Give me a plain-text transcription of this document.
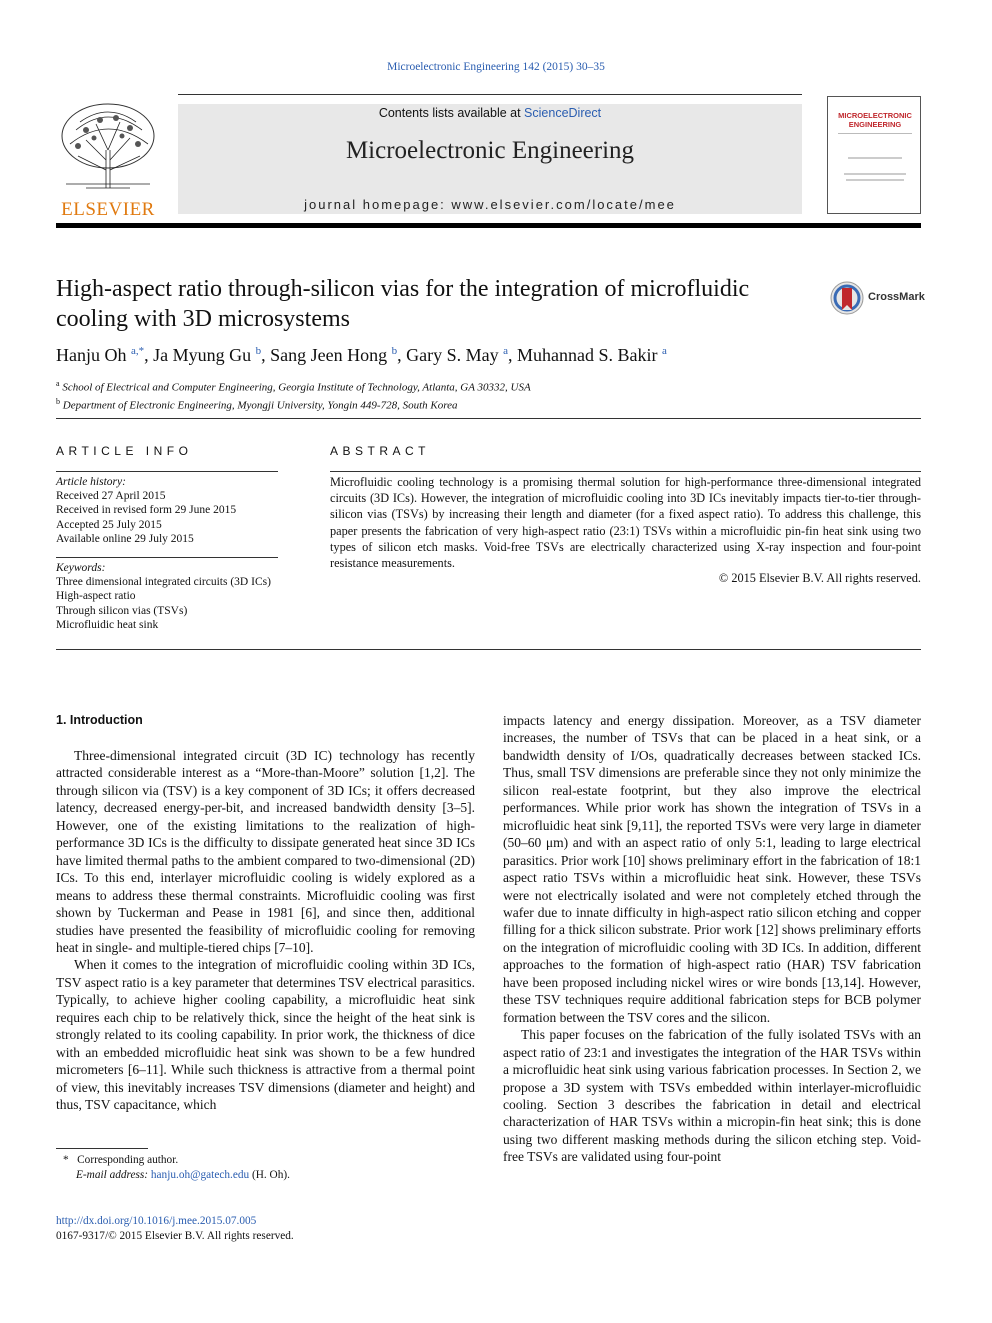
Microelectronic Engineering 142 (2015) 30–35
ELSEVIER
Contents lists available at ScienceDirect
Microelectronic Engineering
journal homepage: www.elsevier.com/locate/mee
MICROELECTRONIC
ENGINEERING
High-aspect ratio through-silicon vias for the integration of microfluidic
cooling with 3D microsystems
CrossMark
Hanju Oh $^{a,*}$, Ja Myung Gu $^b$, Sang Jeen Hong $^b$, Gary S. May $^a$, Muhannad S. Bakir $^a$
$^a$ School of Electrical and Computer Engineering, Georgia Institute of Technology, Atlanta, GA 30332, USA
$^b$ Department of Electronic Engineering, Myongji University, Yongin 449-728, South Korea
ARTICLE INFO
Article history:
Received 27 April 2015
Received in revised form 29 June 2015
Accepted 25 July 2015
Available online 29 July 2015
Keywords:
Three dimensional integrated circuits (3D ICs)
High-aspect ratio
Through silicon vias (TSVs)
Microfluidic heat sink
ABSTRACT
Microfluidic cooling technology is a promising thermal solution for high-performance three-dimensional integrated circuits (3D ICs). However, the integration of microfluidic cooling into 3D ICs inevitably impacts tier-to-tier through-silicon vias (TSVs) by increasing their length and diameter (for a fixed aspect ratio). To address this challenge, this paper presents the fabrication of very high-aspect ratio (23:1) TSVs within a microfluidic pin-fin heat sink using two types of silicon etch masks. Void-free TSVs are electrically characterized using X-ray inspection and four-point resistance measurements.
© 2015 Elsevier B.V. All rights reserved.
1. Introduction

Three-dimensional integrated circuit (3D IC) technology has recently attracted considerable interest as a “More-than-Moore” solution [1,2]. The through silicon via (TSV) is a key component of 3D ICs; it offers decreased latency, decreased energy-per-bit, and increased bandwidth density [3–5]. However, one of the existing limitations to the realization of high-performance 3D ICs is the difficulty to dissipate generated heat since 3D ICs have limited thermal paths to the ambient compared to two-dimensional (2D) ICs. To this end, interlayer microfluidic cooling is widely explored as a means to address these thermal constraints. Microfluidic cooling was first shown by Tuckerman and Pease in 1981 [6], and since then, additional studies have presented the feasibility of microfluidic cooling for removing heat in single- and multiple-tiered chips [7–10].

When it comes to the integration of microfluidic cooling within 3D ICs, TSV aspect ratio is a key parameter that determines TSV electrical parasitics. Typically, to achieve higher cooling capability, a microfluidic heat sink requires each chip to be relatively thick, since the height of the heat sink is strongly related to its cooling capability. In prior work, the thickness of dice with an embedded microfluidic heat sink was shown to be a few hundred micrometers [6–11]. While such thickness is attractive from a thermal point of view, this inevitably increases TSV dimensions (diameter and height) and thus, TSV capacitance, which

impacts latency and energy dissipation. Moreover, as a TSV diameter increases, the number of TSVs that can be placed in a heat sink, or a bandwidth density of I/Os, quadratically decreases between stacked ICs. Thus, small TSV dimensions are preferable since they not only minimize the silicon real-estate footprint, but they also improve the electrical performances. While prior work has shown the integration of TSVs in a microfluidic heat sink [9,11], the reported TSVs were very large in diameter (50–60 μm) and with an aspect ratio of only 5:1, leading to large electrical parasitics. Prior work [10] shows preliminary effort in the fabrication of 18:1 aspect ratio TSVs within a microfluidic heat sink. However, these TSVs were not electrically isolated and were not completely etched through the wafer due to innate difficulty in high-aspect ratio silicon etching and copper filling for a thick silicon substrate. Prior work [12] shows preliminary efforts on the integration of microfluidic cooling with 3D ICs. In addition, different approaches to the formation of high-aspect ratio (HAR) TSV fabrication have been proposed including nickel wires or wire bonds [13,14]. However, these TSV techniques require additional fabrication steps for BCB polymer formation between the TSV cores and the silicon.

This paper focuses on the fabrication of the fully isolated TSVs with an aspect ratio of 23:1 and investigates the integration of the HAR TSVs within a microfluidic heat sink using various fabrication processes. In Section 2, we propose a 3D system with TSVs embedded within interlayer-microfluidic cooling. Section 3 describes the fabrication in detail and electrical characterization of HAR TSVs within a micropin-fin heat sink; this is done using two different masking methods during the silicon etching step. Void-free TSVs are validated using four-point

* Corresponding author.
E-mail address: hanju.oh@gatech.edu (H. Oh).
http://dx.doi.org/10.1016/j.mee.2015.07.005
0167-9317/© 2015 Elsevier B.V. All rights reserved.
